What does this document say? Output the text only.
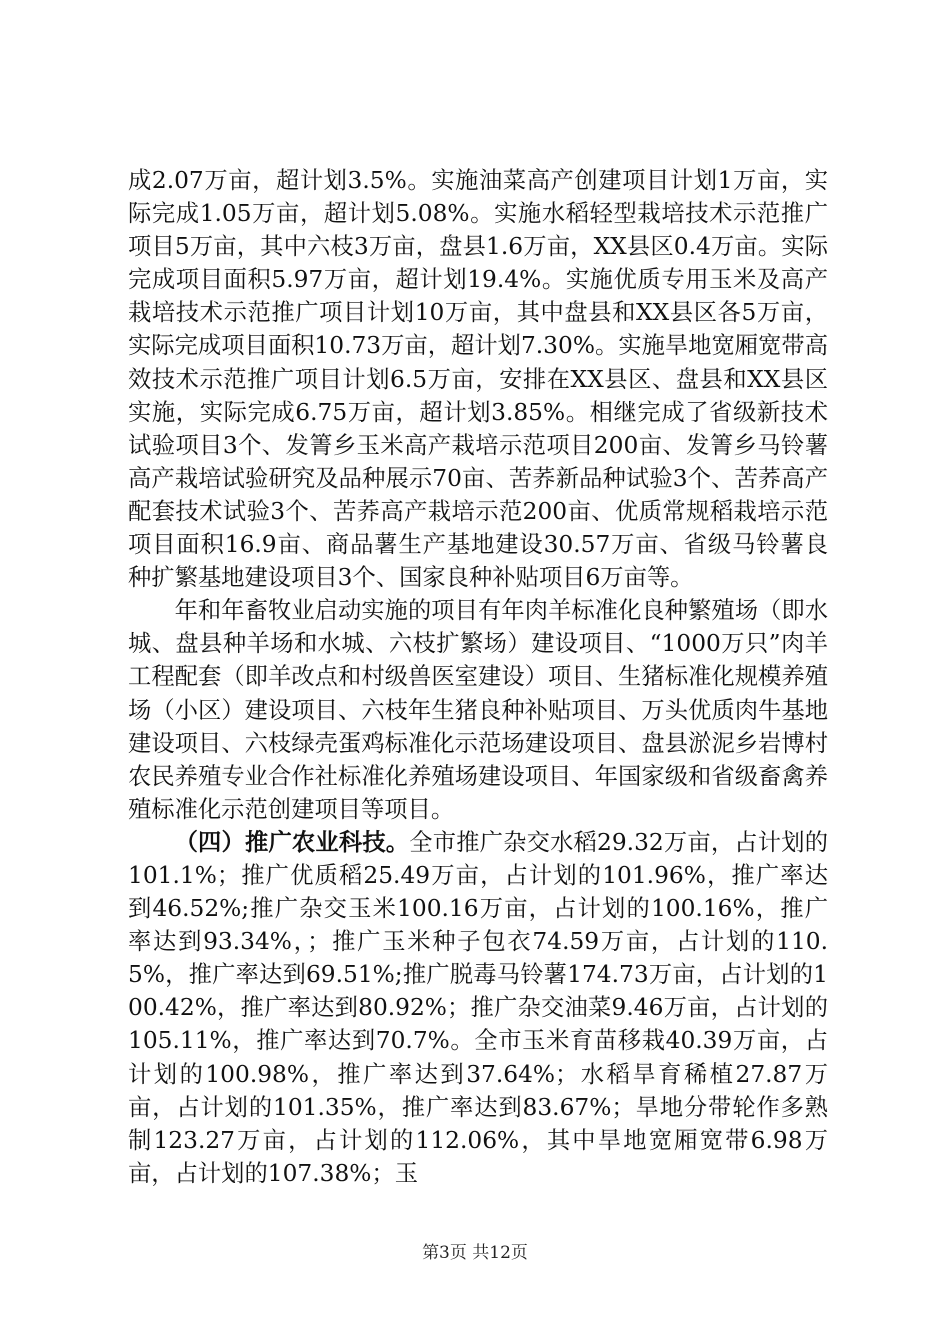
成2.07万亩，超计划3.5%。实施油菜高产创建项目计划1万亩，实际完成1.05万亩，超计划5.08%。实施水稻轻型栽培技术示范推广项目5万亩，其中六枝3万亩，盘县1.6万亩，XX县区0.4万亩。实际完成项目面积5.97万亩，超计划19.4%。实施优质专用玉米及高产栽培技术示范推广项目计划10万亩，其中盘县和XX县区各5万亩，实际完成项目面积10.73万亩，超计划7.30%。实施旱地宽厢宽带高效技术示范推广项目计划6.5万亩，安排在XX县区、盘县和XX县区实施，实际完成6.75万亩，超计划3.85%。相继完成了省级新技术试验项目3个、发箐乡玉米高产栽培示范项目200亩、发箐乡马铃薯高产栽培试验研究及品种展示70亩、苦荞新品种试验3个、苦荞高产配套技术试验3个、苦荞高产栽培示范200亩、优质常规稻栽培示范项目面积16.9亩、商品薯生产基地建设30.57万亩、省级马铃薯良种扩繁基地建设项目3个、国家良种补贴项目6万亩等。

年和年畜牧业启动实施的项目有年肉羊标准化良种繁殖场（即水城、盘县种羊场和水城、六枝扩繁场）建设项目、“1000万只”肉羊工程配套（即羊改点和村级兽医室建设）项目、生猪标准化规模养殖场（小区）建设项目、六枝年生猪良种补贴项目、万头优质肉牛基地建设项目、六枝绿壳蛋鸡标准化示范场建设项目、盘县淤泥乡岩博村农民养殖专业合作社标准化养殖场建设项目、年国家级和省级畜禽养殖标准化示范创建项目等项目。

（四）推广农业科技。全市推广杂交水稻29.32万亩，占计划的101.1%；推广优质稻25.49万亩，占计划的101.96%，推广率达到46.52%;推广杂交玉米100.16万亩，占计划的100.16%，推广率达到93.34%，；推广玉米种子包衣74.59万亩，占计划的110.5%，推广率达到69.51%;推广脱毒马铃薯174.73万亩，占计划的100.42%，推广率达到80.92%；推广杂交油菜9.46万亩，占计划的105.11%，推广率达到70.7%。全市玉米育苗移栽40.39万亩，占计划的100.98%，推广率达到37.64%；水稻旱育稀植27.87万亩，占计划的101.35%，推广率达到83.67%；旱地分带轮作多熟制123.27万亩，占计划的112.06%，其中旱地宽厢宽带6.98万亩，占计划的107.38%；玉

第3页 共12页
